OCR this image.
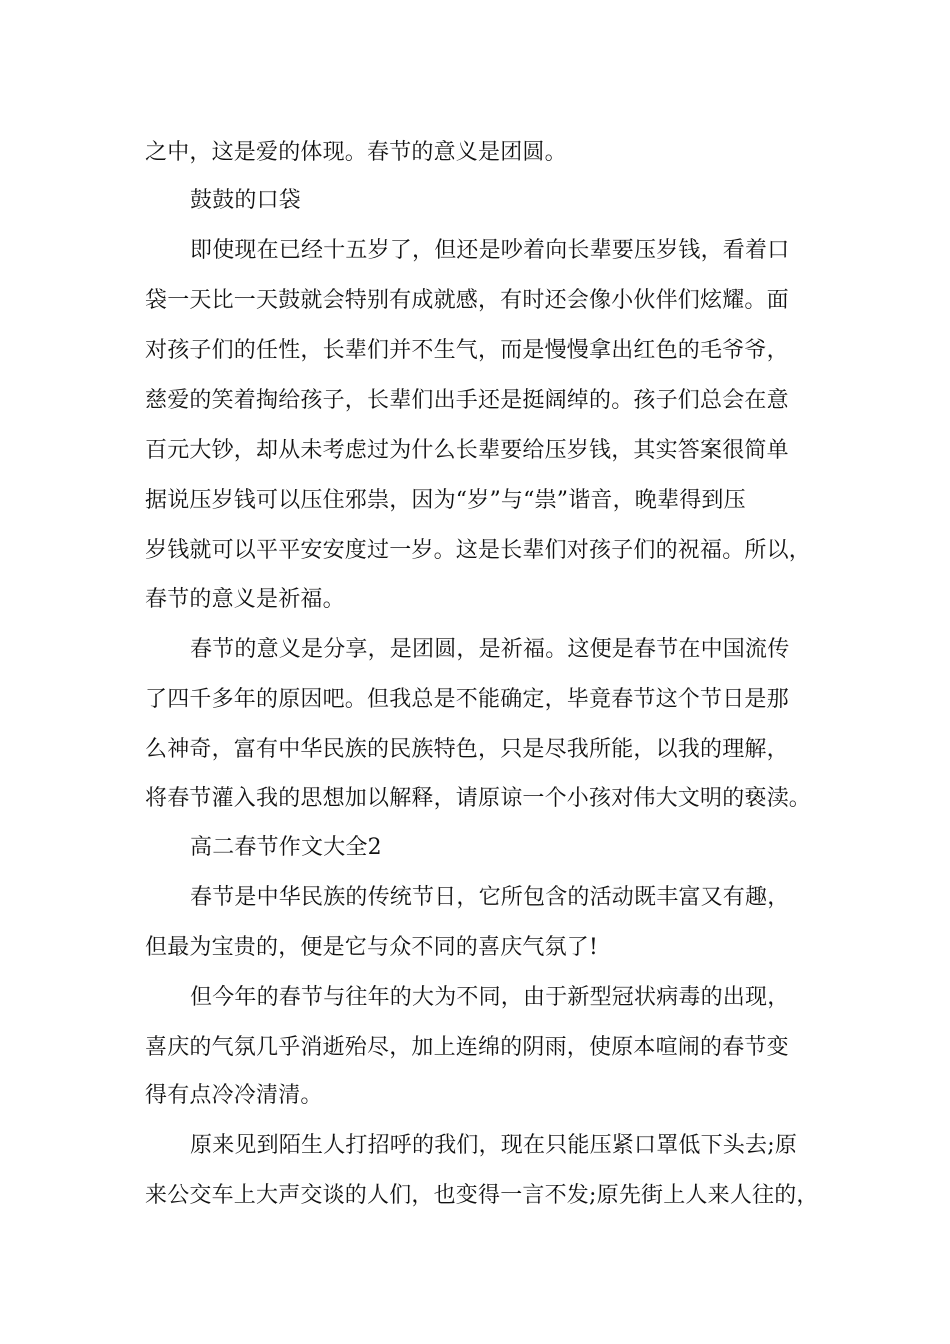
之中，这是爱的体现。春节的意义是团圆。
鼓鼓的口袋
即使现在已经十五岁了，但还是吵着向长辈要压岁钱，看着口
袋一天比一天鼓就会特别有成就感，有时还会像小伙伴们炫耀。面
对孩子们的任性，长辈们并不生气，而是慢慢拿出红色的毛爷爷，
慈爱的笑着掏给孩子，长辈们出手还是挺阔绰的。孩子们总会在意
百元大钞，却从未考虑过为什么长辈要给压岁钱，其实答案很简单
据说压岁钱可以压住邪祟，因为“岁”与“祟”谐音，晚辈得到压
岁钱就可以平平安安度过一岁。这是长辈们对孩子们的祝福。所以，
春节的意义是祈福。
春节的意义是分享，是团圆，是祈福。这便是春节在中国流传
了四千多年的原因吧。但我总是不能确定，毕竟春节这个节日是那
么神奇，富有中华民族的民族特色，只是尽我所能，以我的理解，
将春节灌入我的思想加以解释，请原谅一个小孩对伟大文明的亵渎。
高二春节作文大全2
春节是中华民族的传统节日，它所包含的活动既丰富又有趣，
但最为宝贵的，便是它与众不同的喜庆气氛了!
但今年的春节与往年的大为不同，由于新型冠状病毒的出现，
喜庆的气氛几乎消逝殆尽，加上连绵的阴雨，使原本喧闹的春节变
得有点冷冷清清。
原来见到陌生人打招呼的我们，现在只能压紧口罩低下头去;原
来公交车上大声交谈的人们，也变得一言不发;原先街上人来人往的，
